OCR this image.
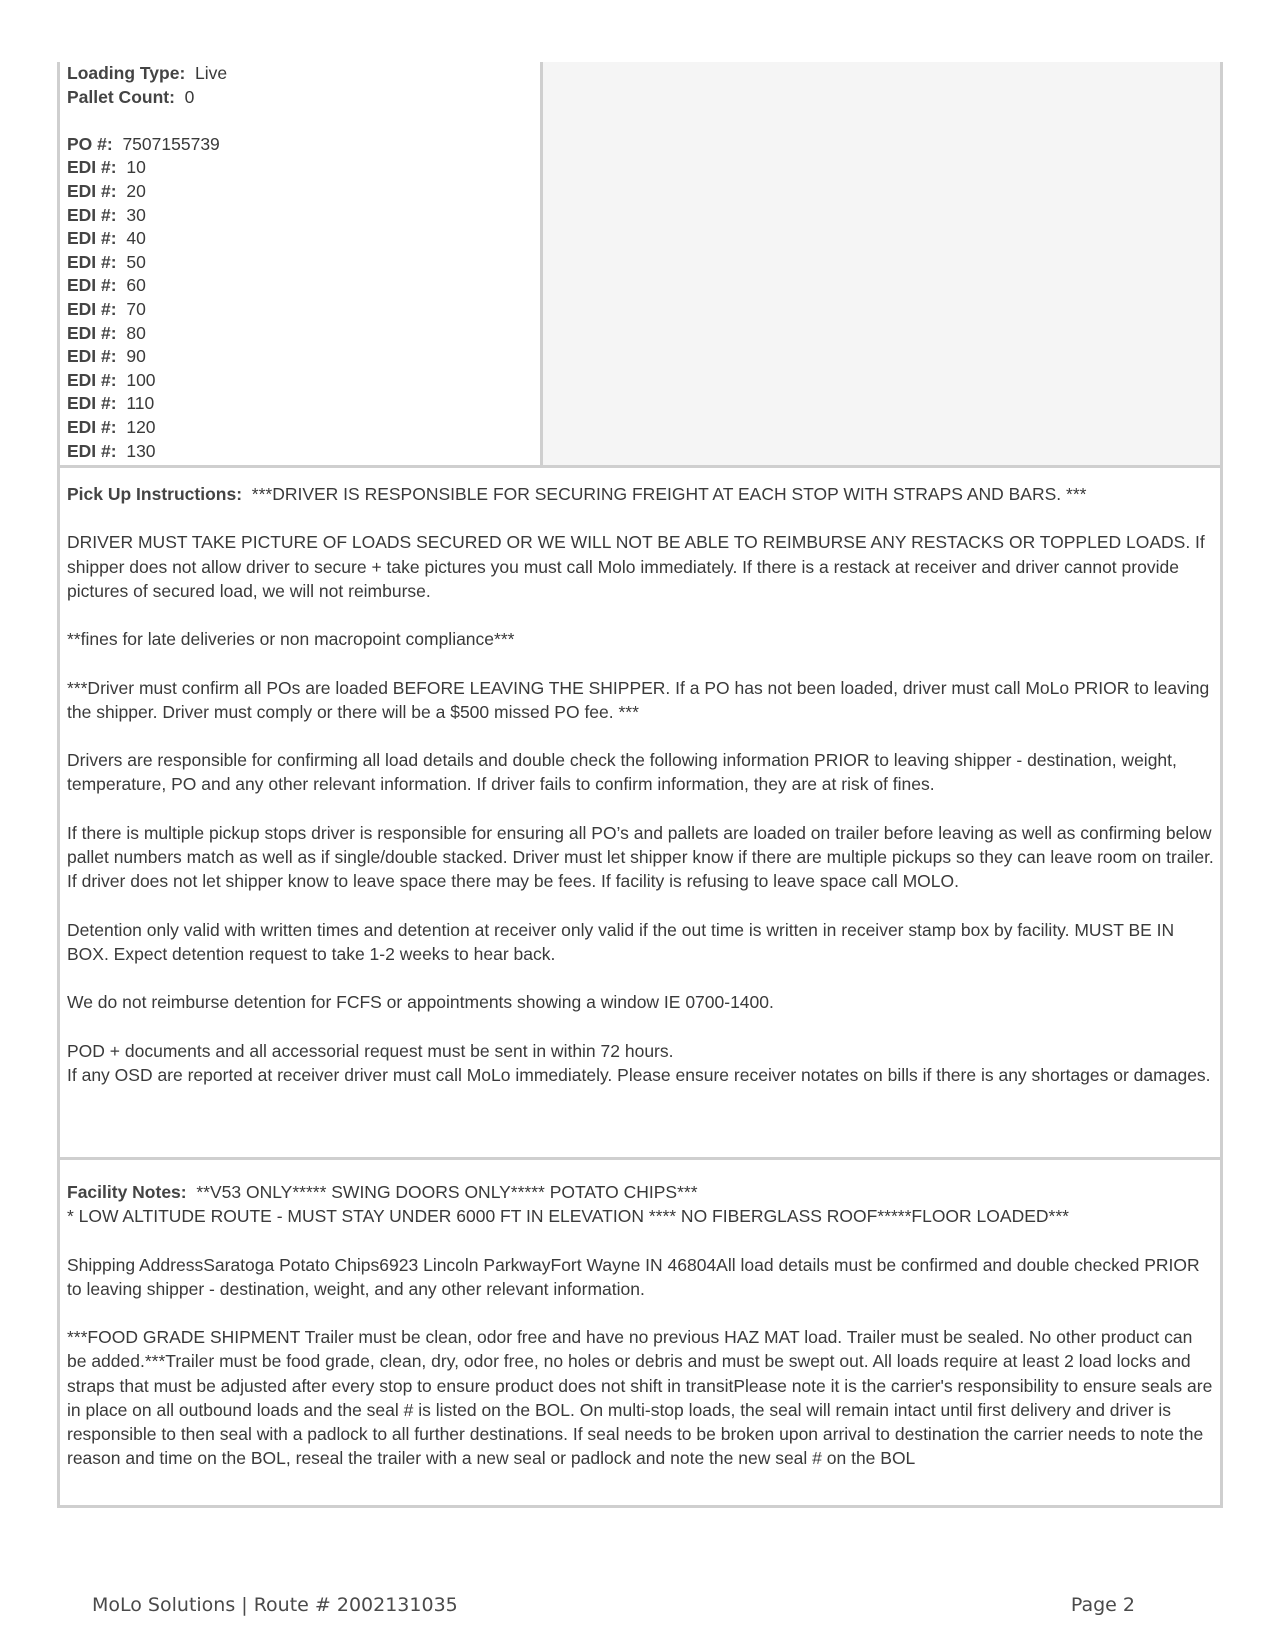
Loading Type: Live
Pallet Count: 0
PO #: 7507155739
EDI #: 10
EDI #: 20
EDI #: 30
EDI #: 40
EDI #: 50
EDI #: 60
EDI #: 70
EDI #: 80
EDI #: 90
EDI #: 100
EDI #: 110
EDI #: 120
EDI #: 130

Pick Up Instructions: ***DRIVER IS RESPONSIBLE FOR SECURING FREIGHT AT EACH STOP WITH STRAPS AND BARS. ***

DRIVER MUST TAKE PICTURE OF LOADS SECURED OR WE WILL NOT BE ABLE TO REIMBURSE ANY RESTACKS OR TOPPLED LOADS. If shipper does not allow driver to secure + take pictures you must call Molo immediately. If there is a restack at receiver and driver cannot provide pictures of secured load, we will not reimburse.

**fines for late deliveries or non macropoint compliance***

***Driver must confirm all POs are loaded BEFORE LEAVING THE SHIPPER. If a PO has not been loaded, driver must call MoLo PRIOR to leaving the shipper. Driver must comply or there will be a $500 missed PO fee. ***

Drivers are responsible for confirming all load details and double check the following information PRIOR to leaving shipper - destination, weight, temperature, PO and any other relevant information. If driver fails to confirm information, they are at risk of fines.

If there is multiple pickup stops driver is responsible for ensuring all PO’s and pallets are loaded on trailer before leaving as well as confirming below pallet numbers match as well as if single/double stacked. Driver must let shipper know if there are multiple pickups so they can leave room on trailer. If driver does not let shipper know to leave space there may be fees. If facility is refusing to leave space call MOLO.

Detention only valid with written times and detention at receiver only valid if the out time is written in receiver stamp box by facility. MUST BE IN BOX. Expect detention request to take 1-2 weeks to hear back.

We do not reimburse detention for FCFS or appointments showing a window IE 0700-1400.

POD + documents and all accessorial request must be sent in within 72 hours.

If any OSD are reported at receiver driver must call MoLo immediately. Please ensure receiver notates on bills if there is any shortages or damages.

Facility Notes: **V53 ONLY***** SWING DOORS ONLY***** POTATO CHIPS***

* LOW ALTITUDE ROUTE - MUST STAY UNDER 6000 FT IN ELEVATION **** NO FIBERGLASS ROOF*****FLOOR LOADED***

Shipping AddressSaratoga Potato Chips6923 Lincoln ParkwayFort Wayne IN 46804All load details must be confirmed and double checked PRIOR to leaving shipper - destination, weight, and any other relevant information.

***FOOD GRADE SHIPMENT Trailer must be clean, odor free and have no previous HAZ MAT load. Trailer must be sealed. No other product can be added.***Trailer must be food grade, clean, dry, odor free, no holes or debris and must be swept out. All loads require at least 2 load locks and straps that must be adjusted after every stop to ensure product does not shift in transitPlease note it is the carrier's responsibility to ensure seals are in place on all outbound loads and the seal # is listed on the BOL. On multi-stop loads, the seal will remain intact until first delivery and driver is responsible to then seal with a padlock to all further destinations. If seal needs to be broken upon arrival to destination the carrier needs to note the reason and time on the BOL, reseal the trailer with a new seal or padlock and note the new seal # on the BOL

MoLo Solutions | Route # 2002131035	Page 2
